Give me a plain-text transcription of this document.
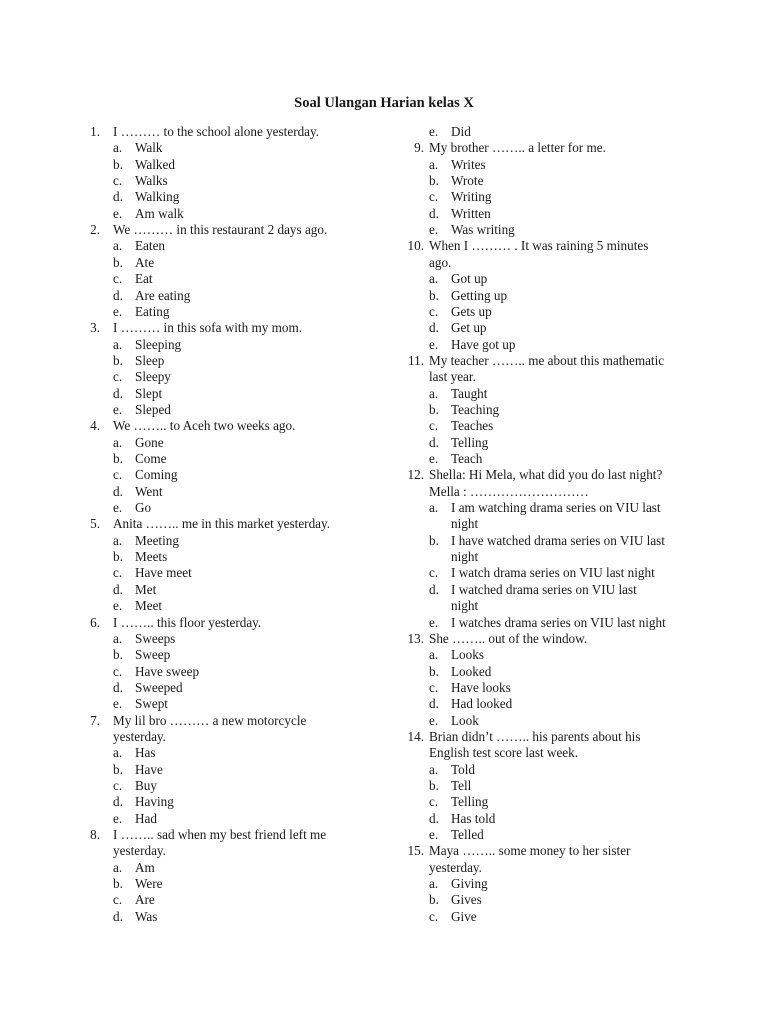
Soal Ulangan Harian kelas X
1. I ……… to the school alone yesterday.
a. Walk
b. Walked
c. Walks
d. Walking
e. Am walk
2. We ……… in this restaurant 2 days ago.
a. Eaten
b. Ate
c. Eat
d. Are eating
e. Eating
3. I ……… in this sofa with my mom.
a. Sleeping
b. Sleep
c. Sleepy
d. Slept
e. Sleped
4. We …….. to Aceh two weeks ago.
a. Gone
b. Come
c. Coming
d. Went
e. Go
5. Anita …….. me in this market yesterday.
a. Meeting
b. Meets
c. Have meet
d. Met
e. Meet
6. I …….. this floor yesterday.
a. Sweeps
b. Sweep
c. Have sweep
d. Sweeped
e. Swept
7. My lil bro ……… a new motorcycle
yesterday.
a. Has
b. Have
c. Buy
d. Having
e. Had
8. I …….. sad when my best friend left me
yesterday.
a. Am
b. Were
c. Are
d. Was
e. Did
9. My brother …….. a letter for me.
a. Writes
b. Wrote
c. Writing
d. Written
e. Was writing
10. When I ……… . It was raining 5 minutes
ago.
a. Got up
b. Getting up
c. Gets up
d. Get up
e. Have got up
11. My teacher …….. me about this mathematic
last year.
a. Taught
b. Teaching
c. Teaches
d. Telling
e. Teach
12. Shella: Hi Mela, what did you do last night?
Mella : ………………………
a. I am watching drama series on VIU last
night
b. I have watched drama series on VIU last
night
c. I watch drama series on VIU last night
d. I watched drama series on VIU last
night
e. I watches drama series on VIU last night
13. She …….. out of the window.
a. Looks
b. Looked
c. Have looks
d. Had looked
e. Look
14. Brian didn’t …….. his parents about his
English test score last week.
a. Told
b. Tell
c. Telling
d. Has told
e. Telled
15. Maya …….. some money to her sister
yesterday.
a. Giving
b. Gives
c. Give
